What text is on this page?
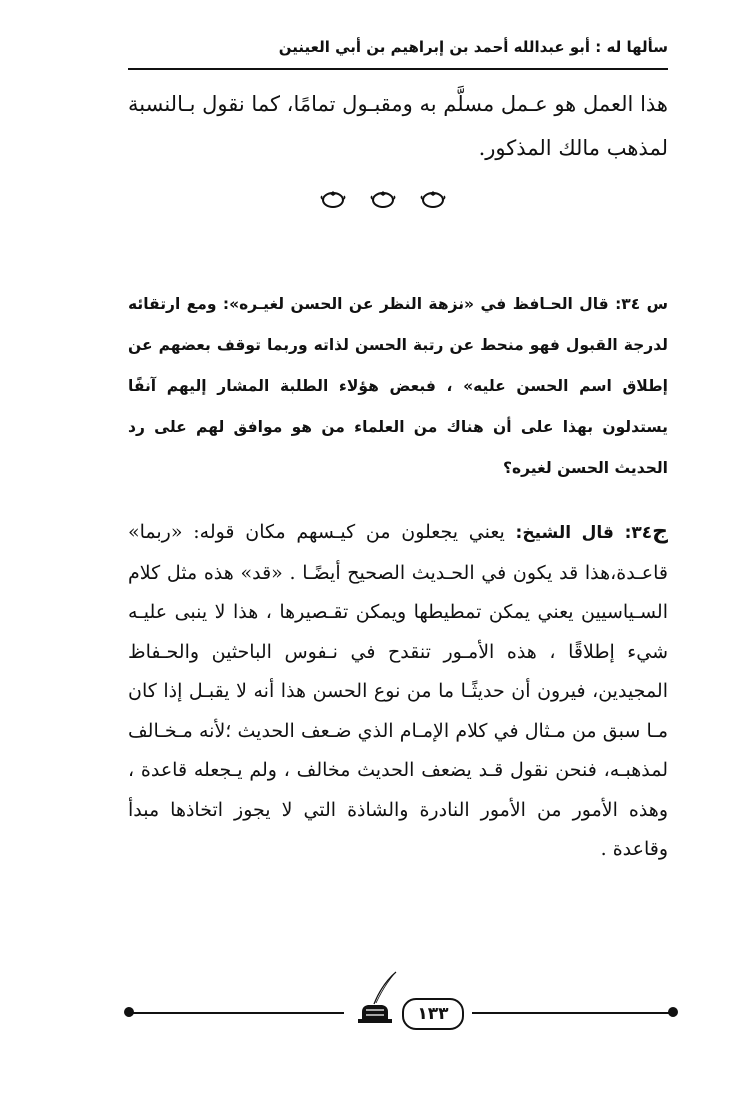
سألها له : أبو عبدالله أحمد بن إبراهيم بن أبي العينين

هذا العمل هو عـمل مسلَّم به ومقبـول تمامًا، كما نقول بـالنسبة لمذهب مالك المذكور.

س ٣٤: قال الحـافظ في «نزهة النظر عن الحسن لغيـره»: ومع ارتقائه لدرجة القبول فهو منحط عن رتبة الحسن لذاته وربما توقف بعضهم عن إطلاق اسم الحسن عليه» ، فبعض هؤلاء الطلبة المشار إليهم آنفًا يستدلون بهذا على أن هناك من العلماء من هو موافق لهم على رد الحديث الحسن لغيره؟

ج٣٤: قال الشيخ: يعني يجعلون من كيـسهم مكان قوله: «ربما» قاعـدة،هذا قد يكون في الحـديث الصحيح أيضًـا . «قد» هذه مثل كلام السـياسيين يعني يمكن تمطيطها ويمكن تقـصيرها ، هذا لا ينبى عليـه شيء إطلاقًا ، هذه الأمـور تنقدح في نـفوس الباحثين والحـفاظ المجيدين، فيرون أن حديثًـا ما من نوع الحسن هذا أنه لا يقبـل إذا كان مـا سبق من مـثال في كلام الإمـام الذي ضـعف الحديث ؛لأنه مـخـالف لمذهبـه، فنحن نقول قـد يضعف الحديث مخالف ، ولم يـجعله قاعدة ، وهذه الأمور من الأمور النادرة والشاذة التي لا يجوز اتخاذها مبدأ وقاعدة .

١٣٣
